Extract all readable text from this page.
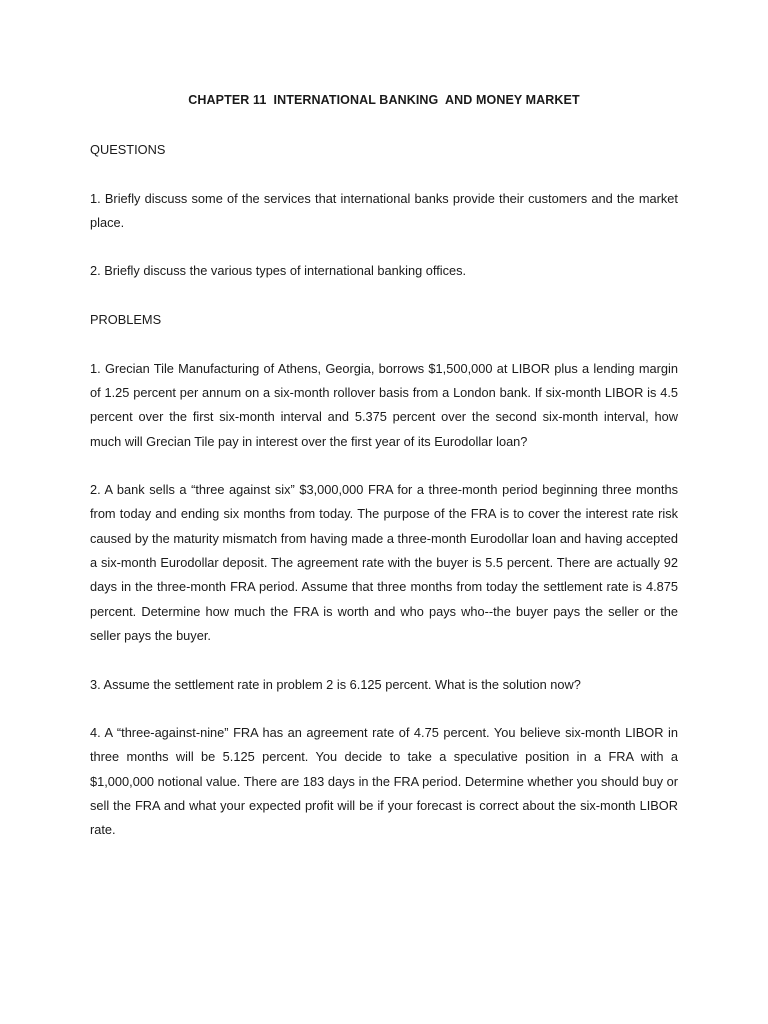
CHAPTER 11  INTERNATIONAL BANKING  AND MONEY MARKET

QUESTIONS

1. Briefly discuss some of the services that international banks provide their customers and the market place.

2. Briefly discuss the various types of international banking offices.

PROBLEMS

1. Grecian Tile Manufacturing of Athens, Georgia, borrows $1,500,000 at LIBOR plus a lending margin of 1.25 percent per annum on a six-month rollover basis from a London bank. If six-month LIBOR is 4.5 percent over the first six-month interval and 5.375 percent over the second six-month interval, how much will Grecian Tile pay in interest over the first year of its Eurodollar loan?

2. A bank sells a “three against six” $3,000,000 FRA for a three-month period beginning three months from today and ending six months from today. The purpose of the FRA is to cover the interest rate risk caused by the maturity mismatch from having made a three-month Eurodollar loan and having accepted a six-month Eurodollar deposit. The agreement rate with the buyer is 5.5 percent. There are actually 92 days in the three-month FRA period. Assume that three months from today the settlement rate is 4.875 percent. Determine how much the FRA is worth and who pays who--the buyer pays the seller or the seller pays the buyer.

3. Assume the settlement rate in problem 2 is 6.125 percent. What is the solution now?

4. A “three-against-nine” FRA has an agreement rate of 4.75 percent. You believe six-month LIBOR in three months will be 5.125 percent. You decide to take a speculative position in a FRA with a $1,000,000 notional value. There are 183 days in the FRA period. Determine whether you should buy or sell the FRA and what your expected profit will be if your forecast is correct about the six-month LIBOR rate.
